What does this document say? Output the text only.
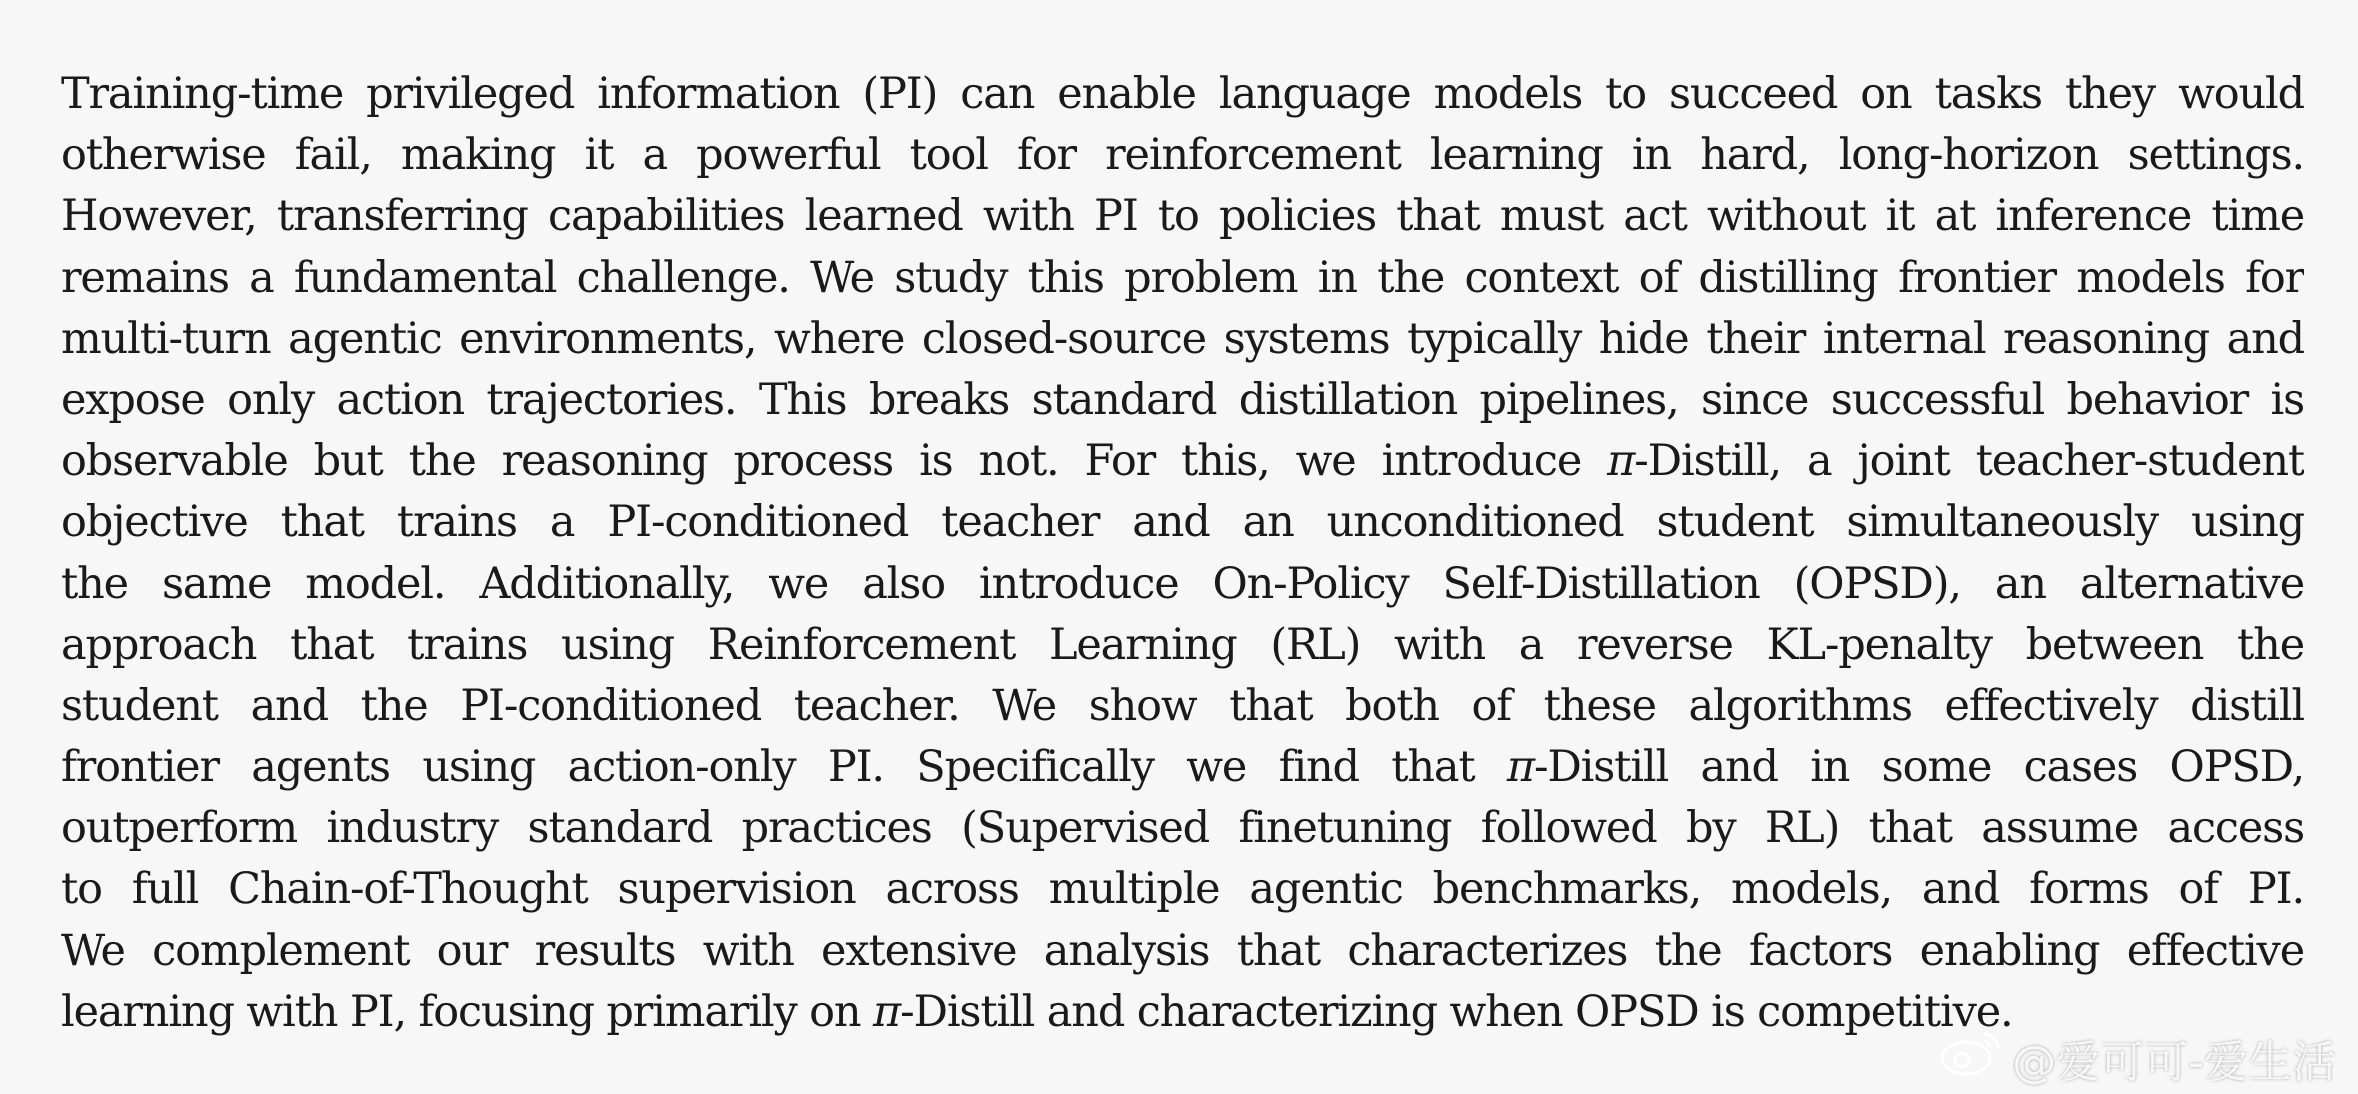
Training-time privileged information (PI) can enable language models to succeed on tasks they would
otherwise fail, making it a powerful tool for reinforcement learning in hard, long-horizon settings.
However, transferring capabilities learned with PI to policies that must act without it at inference time
remains a fundamental challenge. We study this problem in the context of distilling frontier models for
multi-turn agentic environments, where closed-source systems typically hide their internal reasoning and
expose only action trajectories. This breaks standard distillation pipelines, since successful behavior is
observable but the reasoning process is not. For this, we introduce π-Distill, a joint teacher-student
objective that trains a PI-conditioned teacher and an unconditioned student simultaneously using
the same model. Additionally, we also introduce On-Policy Self-Distillation (OPSD), an alternative
approach that trains using Reinforcement Learning (RL) with a reverse KL-penalty between the
student and the PI-conditioned teacher. We show that both of these algorithms effectively distill
frontier agents using action-only PI. Specifically we find that π-Distill and in some cases OPSD,
outperform industry standard practices (Supervised finetuning followed by RL) that assume access
to full Chain-of-Thought supervision across multiple agentic benchmarks, models, and forms of PI.
We complement our results with extensive analysis that characterizes the factors enabling effective
learning with PI, focusing primarily on π-Distill and characterizing when OPSD is competitive.
@爱可可-爱生活
